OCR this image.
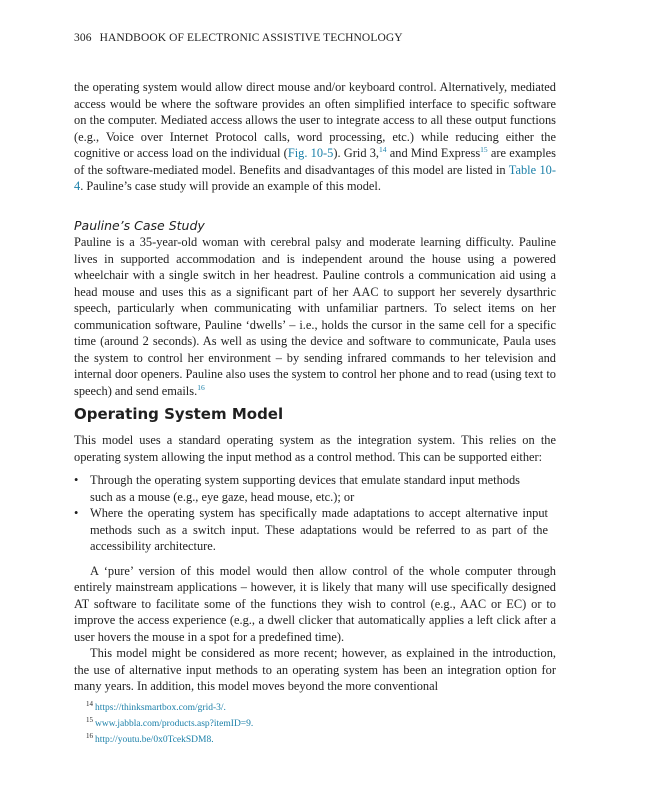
306 HANDBOOK OF ELECTRONIC ASSISTIVE TECHNOLOGY

the operating system would allow direct mouse and/or keyboard control. Alternatively, mediated access would be where the software provides an often simplified interface to specific software on the computer. Mediated access allows the user to integrate access to all these output functions (e.g., Voice over Internet Protocol calls, word processing, etc.) while reducing either the cognitive or access load on the individual (Fig. 10-5). Grid 3,14 and Mind Express$^{15}$ are examples of the software-mediated model. Benefits and disadvantages of this model are listed in Table 10-4. Pauline’s case study will provide an example of this model.

Pauline’s Case Study

Pauline is a 35-year-old woman with cerebral palsy and moderate learning difficulty. Pauline lives in supported accommodation and is independent around the house using a powered wheelchair with a single switch in her headrest. Pauline controls a communication aid using a head mouse and uses this as a significant part of her AAC to support her severely dysarthric speech, particularly when communicating with unfamiliar partners. To select items on her communication software, Pauline ‘dwells’ – i.e., holds the cursor in the same cell for a specific time (around 2 seconds). As well as using the device and software to communicate, Paula uses the system to control her environment – by sending infrared commands to her television and internal door openers. Pauline also uses the system to control her phone and to read (using text to speech) and send emails.$^{16}$

Operating System Model

This model uses a standard operating system as the integration system. This relies on the operating system allowing the input method as a control method. This can be supported either:

• Through the operating system supporting devices that emulate standard input methods such as a mouse (e.g., eye gaze, head mouse, etc.); or
• Where the operating system has specifically made adaptations to accept alternative input methods such as a switch input. These adaptations would be referred to as part of the accessibility architecture.

A ‘pure’ version of this model would then allow control of the whole computer through entirely mainstream applications – however, it is likely that many will use specifically designed AT software to facilitate some of the functions they wish to control (e.g., AAC or EC) or to improve the access experience (e.g., a dwell clicker that automatically applies a left click after a user hovers the mouse in a spot for a predefined time).

This model might be considered as more recent; however, as explained in the introduction, the use of alternative input methods to an operating system has been an integration option for many years. In addition, this model moves beyond the more conventional

$^{14}$ https://thinksmartbox.com/grid-3/.
$^{15}$ www.jabbla.com/products.asp?itemID=9.
$^{16}$ http://youtu.be/0x0TcekSDM8.
